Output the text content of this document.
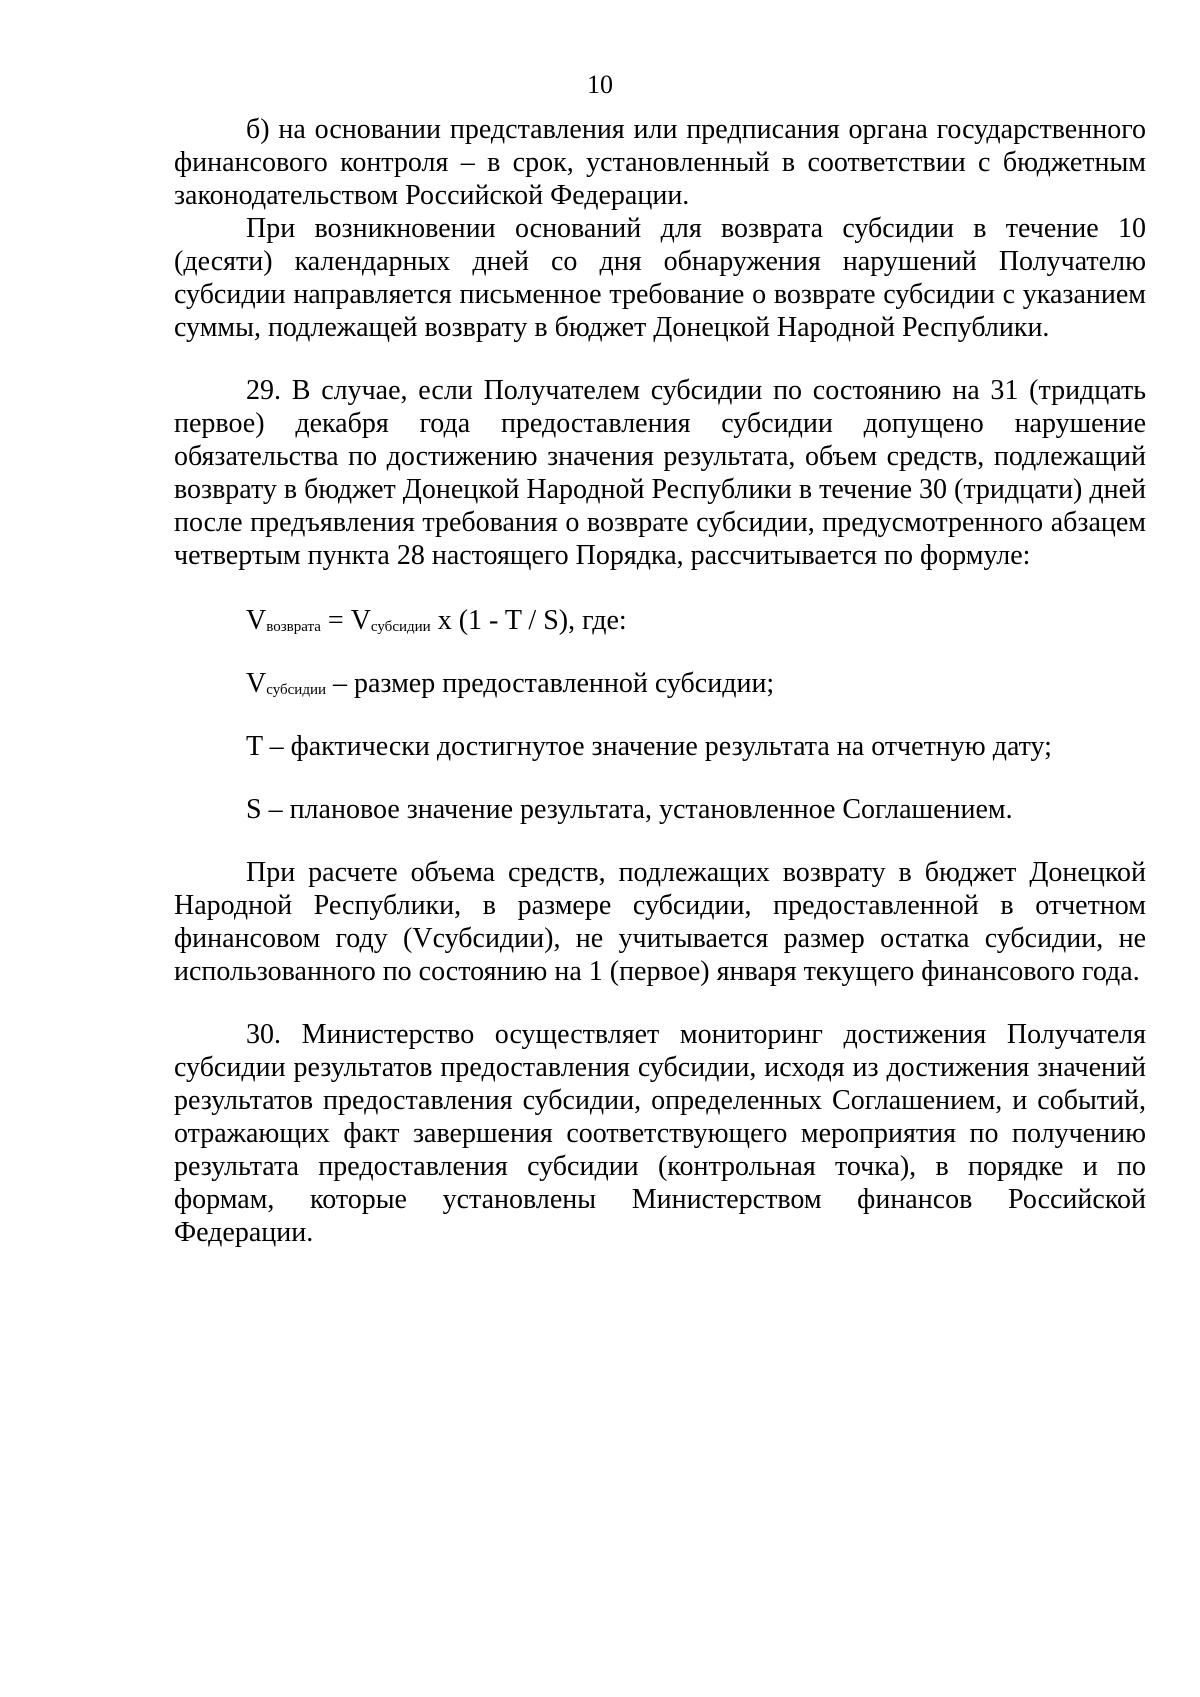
10

б) на основании представления или предписания органа государственного финансового контроля – в срок, установленный в соответствии с бюджетным законодательством Российской Федерации.

При возникновении оснований для возврата субсидии в течение 10 (десяти) календарных дней со дня обнаружения нарушений Получателю субсидии направляется письменное требование о возврате субсидии с указанием суммы, подлежащей возврату в бюджет Донецкой Народной Республики.

29. В случае, если Получателем субсидии по состоянию на 31 (тридцать первое) декабря года предоставления субсидии допущено нарушение обязательства по достижению значения результата, объем средств, подлежащий возврату в бюджет Донецкой Народной Республики в течение 30 (тридцати) дней после предъявления требования о возврате субсидии, предусмотренного абзацем четвертым пункта 28 настоящего Порядка, рассчитывается по формуле:

$V_{возврата} = V_{субсидии}$ x (1 - T / S), где:

$V_{субсидии}$ – размер предоставленной субсидии;

T – фактически достигнутое значение результата на отчетную дату;

S – плановое значение результата, установленное Соглашением.

При расчете объема средств, подлежащих возврату в бюджет Донецкой Народной Республики, в размере субсидии, предоставленной в отчетном финансовом году (Vсубсидии), не учитывается размер остатка субсидии, не использованного по состоянию на 1 (первое) января текущего финансового года.

30. Министерство осуществляет мониторинг достижения Получателя субсидии результатов предоставления субсидии, исходя из достижения значений результатов предоставления субсидии, определенных Соглашением, и событий, отражающих факт завершения соответствующего мероприятия по получению результата предоставления субсидии (контрольная точка), в порядке и по формам, которые установлены Министерством финансов Российской Федерации.
